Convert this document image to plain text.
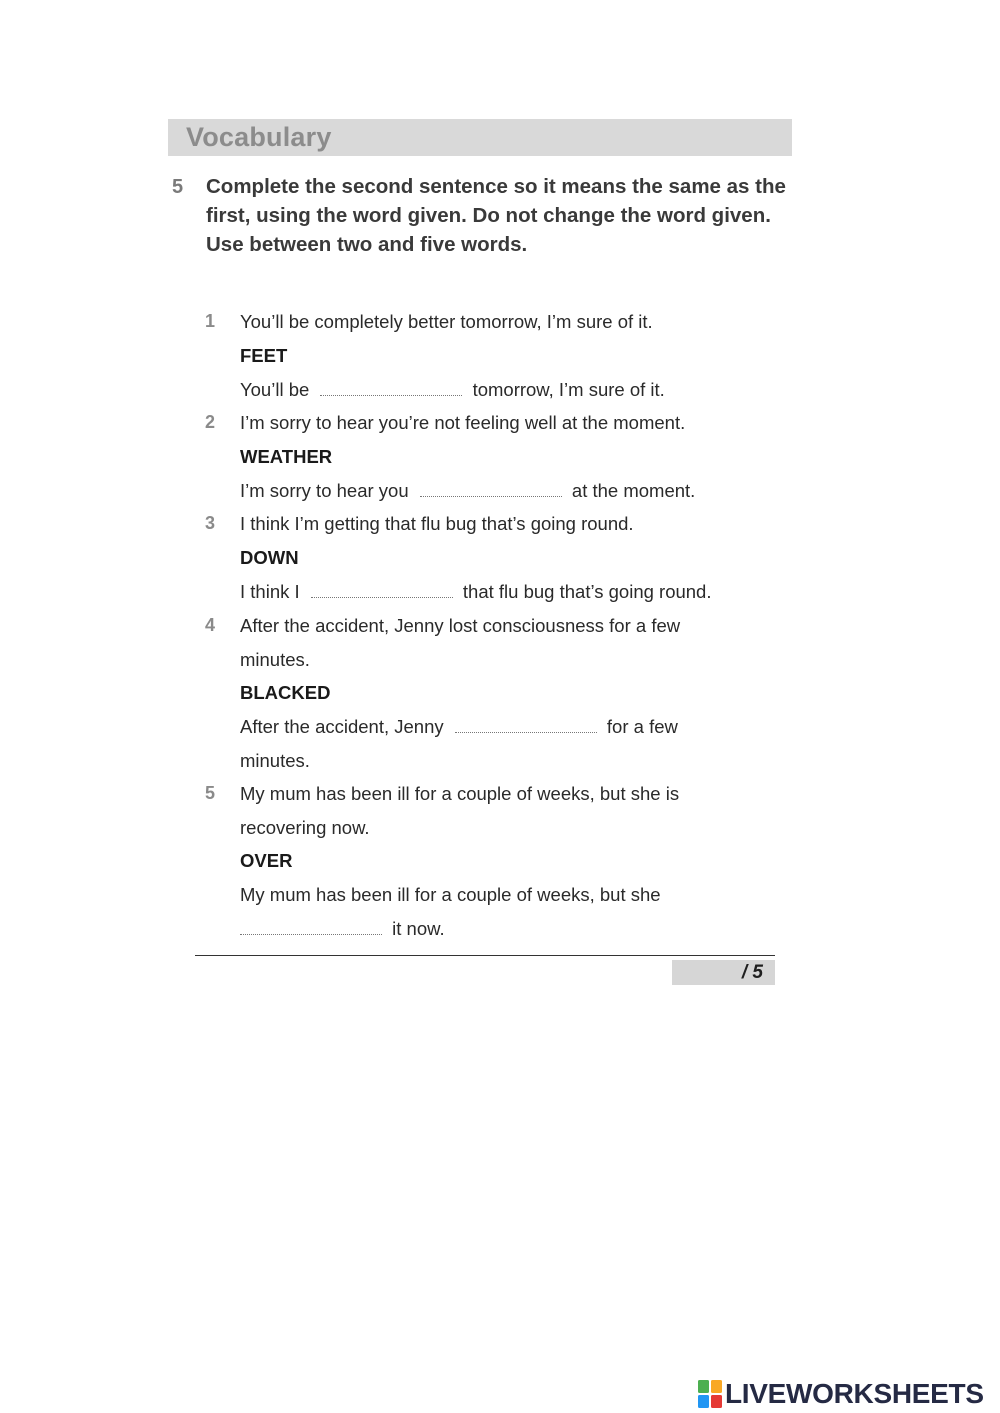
Vocabulary
5 Complete the second sentence so it means the same as the first, using the word given. Do not change the word given. Use between two and five words.
1 You’ll be completely better tomorrow, I’m sure of it.
FEET
You’ll be	tomorrow, I’m sure of it.
2 I’m sorry to hear you’re not feeling well at the moment.
WEATHER
I’m sorry to hear you	at the moment.
3 I think I’m getting that flu bug that’s going round.
DOWN
I think I	that flu bug that’s going round.
4 After the accident, Jenny lost consciousness for a few
minutes.
BLACKED
After the accident, Jenny	for a few
minutes.
5 My mum has been ill for a couple of weeks, but she is
recovering now.
OVER
My mum has been ill for a couple of weeks, but she
it now.
/ 5
LIVEWORKSHEETS
